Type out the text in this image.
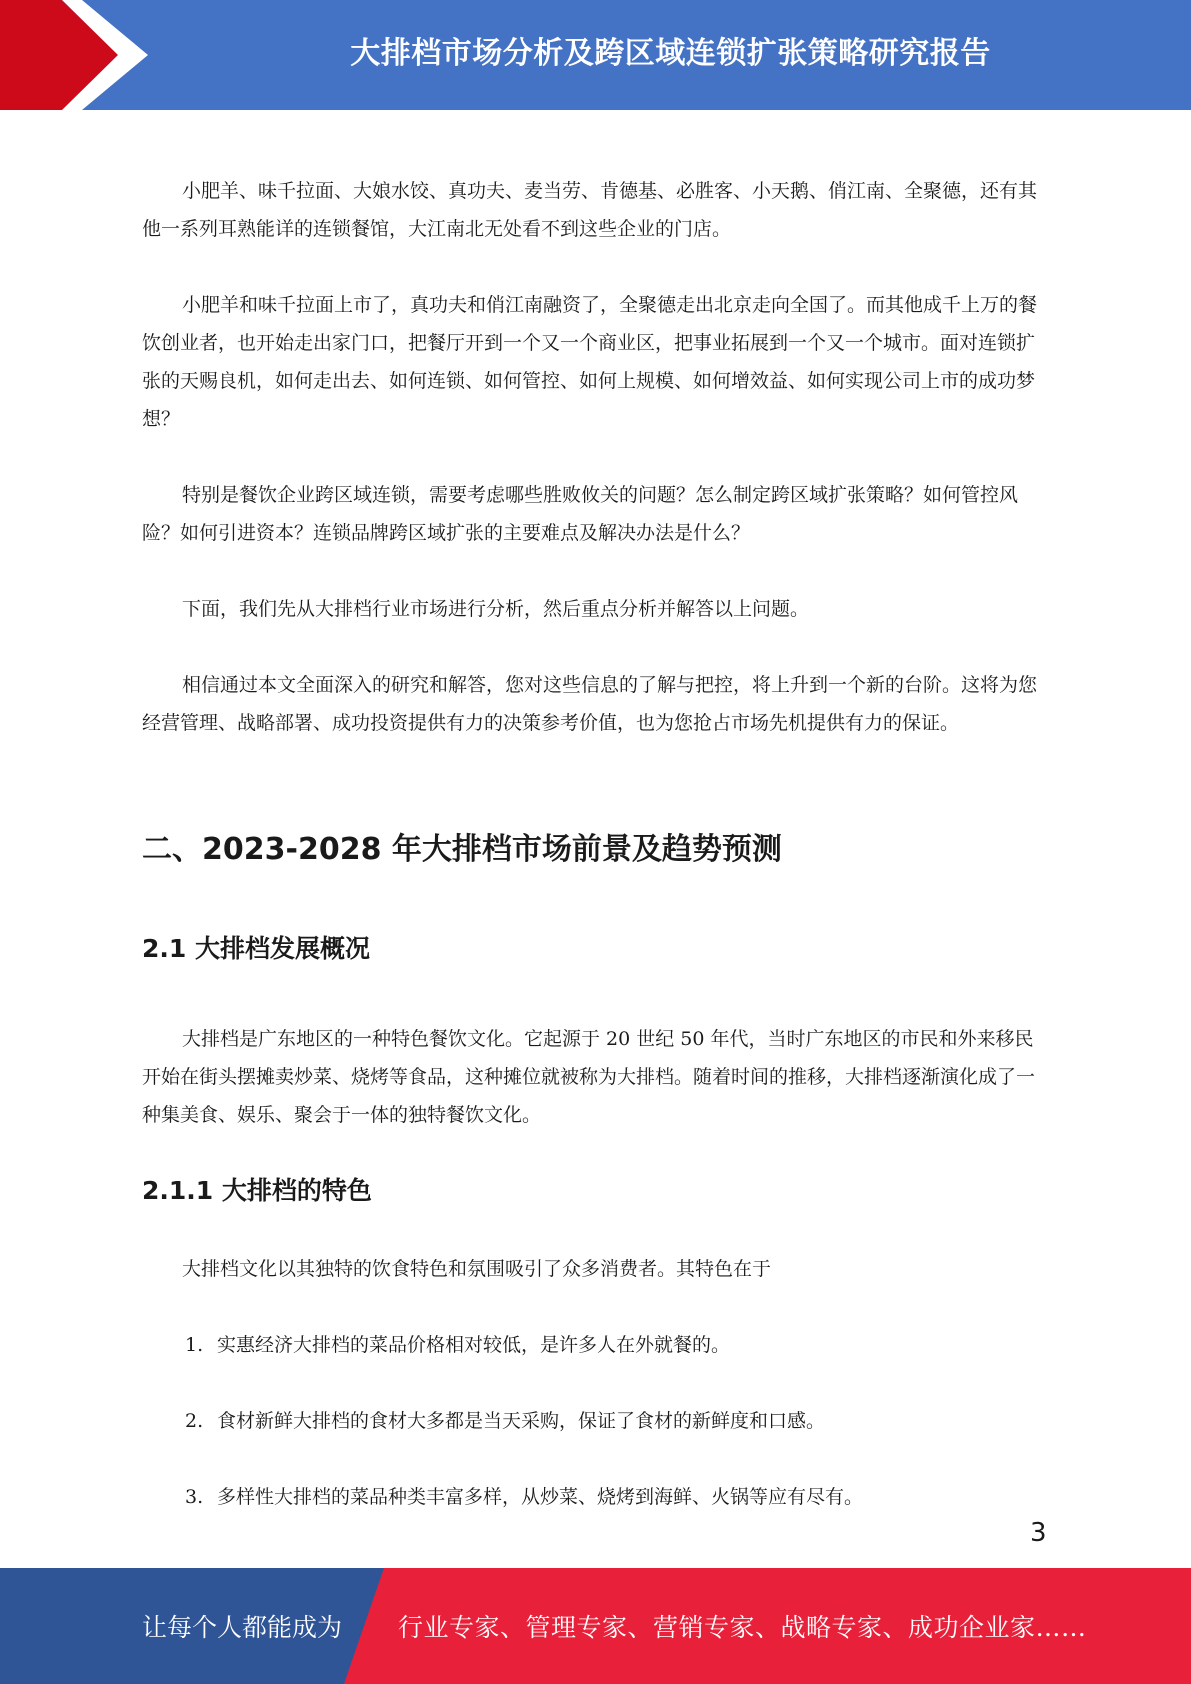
大排档市场分析及跨区域连锁扩张策略研究报告

小肥羊、味千拉面、大娘水饺、真功夫、麦当劳、肯德基、必胜客、小天鹅、俏江南、全聚德，还有其他一系列耳熟能详的连锁餐馆，大江南北无处看不到这些企业的门店。

小肥羊和味千拉面上市了，真功夫和俏江南融资了，全聚德走出北京走向全国了。而其他成千上万的餐饮创业者，也开始走出家门口，把餐厅开到一个又一个商业区，把事业拓展到一个又一个城市。面对连锁扩张的天赐良机，如何走出去、如何连锁、如何管控、如何上规模、如何增效益、如何实现公司上市的成功梦想？

特别是餐饮企业跨区域连锁，需要考虑哪些胜败攸关的问题？怎么制定跨区域扩张策略？如何管控风险？如何引进资本？连锁品牌跨区域扩张的主要难点及解决办法是什么？

下面，我们先从大排档行业市场进行分析，然后重点分析并解答以上问题。

相信通过本文全面深入的研究和解答，您对这些信息的了解与把控，将上升到一个新的台阶。这将为您经营管理、战略部署、成功投资提供有力的决策参考价值，也为您抢占市场先机提供有力的保证。

二、2023-2028 年大排档市场前景及趋势预测
2.1 大排档发展概况

大排档是广东地区的一种特色餐饮文化。它起源于 20 世纪 50 年代，当时广东地区的市民和外来移民开始在街头摆摊卖炒菜、烧烤等食品，这种摊位就被称为大排档。随着时间的推移，大排档逐渐演化成了一种集美食、娱乐、聚会于一体的独特餐饮文化。

2.1.1 大排档的特色

大排档文化以其独特的饮食特色和氛围吸引了众多消费者。其特色在于

1. 实惠经济大排档的菜品价格相对较低，是许多人在外就餐的。

2. 食材新鲜大排档的食材大多都是当天采购，保证了食材的新鲜度和口感。

3. 多样性大排档的菜品种类丰富多样，从炒菜、烧烤到海鲜、火锅等应有尽有。

3
让每个人都能成为 行业专家、管理专家、营销专家、战略专家、成功企业家……
